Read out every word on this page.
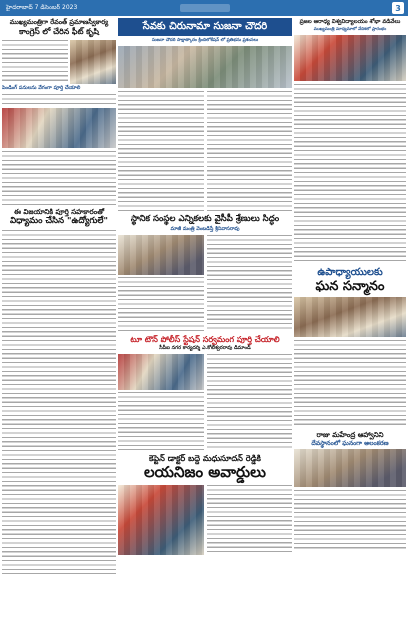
హైదరాబాద్ 7 డిసెంబర్ 2023	3
ముఖ్యమంత్రిగా రేవంత్ ప్రమాణస్వీకార్య
కాంగ్రెస్ లో చేరిన ఫీట్ కృషి
పెండింగ్ పనులను వేగంగా పూర్తి చేయాలి
ఈ విజయానికి పూర్తి సహకారంతో
విధ్యామం చేసిన "ఉద్యోగులే"
సేవకు చిరునామా సుజనా చౌదరి
సుజనా చౌదరి సాక్షాత్కారం క్రిందిలోకేషన్ లో ప్రతిభను ప్రశంసలు
స్థానిక సంస్థల ఎన్నికలకు వైసీపీ శ్రేణులు సిద్ధం
మాజీ మంత్రి వెంబడిస్తే శ్రీనివాసరావు
టూ టౌన్ పోలీస్ స్టేషన్ సర్వమంగ పూర్తి చేయాలి
సీపీఐ నగర కార్యదర్శి ఎ.కోటేశ్వరరావు డిమాండ్
కెప్టెన్ డాక్టర్ బద్దె మధుసూదన్ రెడ్డికి
లయనిజం అవార్డులు
ప్రజల ఆరాధ్య విశ్వవిద్యాలయం శోభా వడివేలు
ముఖ్యమంత్రి మాధ్యమాలో వేదికలో ప్రారంభం
ఉపాధ్యాయులకు
ఘన సన్మానం
రాజు మహేంద్ర ఆహ్వానిని
దేవస్థానంలో ఘనంగా అలంకరణ
